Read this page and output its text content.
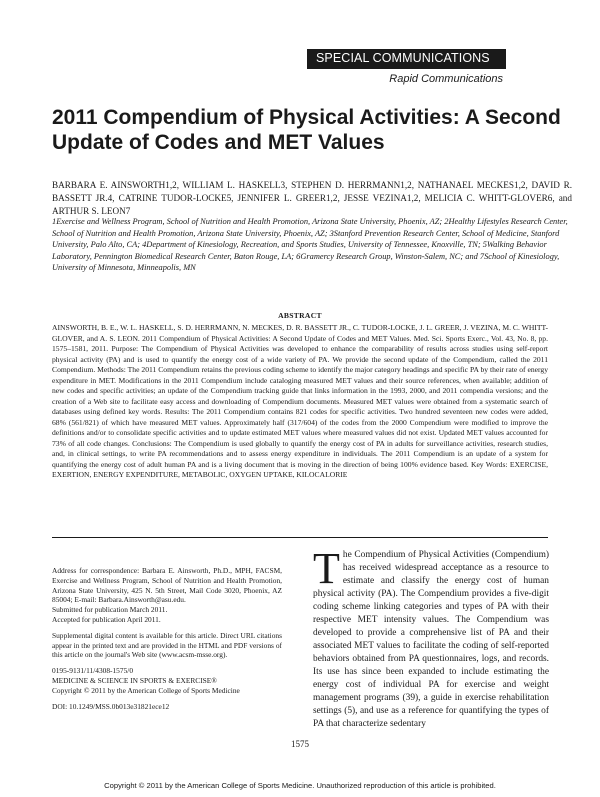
SPECIAL COMMUNICATIONS
Rapid Communications
2011 Compendium of Physical Activities: A Second Update of Codes and MET Values
BARBARA E. AINSWORTH1,2, WILLIAM L. HASKELL3, STEPHEN D. HERRMANN1,2, NATHANAEL MECKES1,2, DAVID R. BASSETT JR.4, CATRINE TUDOR-LOCKE5, JENNIFER L. GREER1,2, JESSE VEZINA1,2, MELICIA C. WHITT-GLOVER6, and ARTHUR S. LEON7
1Exercise and Wellness Program, School of Nutrition and Health Promotion, Arizona State University, Phoenix, AZ; 2Healthy Lifestyles Research Center, School of Nutrition and Health Promotion, Arizona State University, Phoenix, AZ; 3Stanford Prevention Research Center, School of Medicine, Stanford University, Palo Alto, CA; 4Department of Kinesiology, Recreation, and Sports Studies, University of Tennessee, Knoxville, TN; 5Walking Behavior Laboratory, Pennington Biomedical Research Center, Baton Rouge, LA; 6Gramercy Research Group, Winston-Salem, NC; and 7School of Kinesiology, University of Minnesota, Minneapolis, MN
ABSTRACT
AINSWORTH, B. E., W. L. HASKELL, S. D. HERRMANN, N. MECKES, D. R. BASSETT JR., C. TUDOR-LOCKE, J. L. GREER, J. VEZINA, M. C. WHITT-GLOVER, and A. S. LEON. 2011 Compendium of Physical Activities: A Second Update of Codes and MET Values. Med. Sci. Sports Exerc., Vol. 43, No. 8, pp. 1575–1581, 2011. Purpose: The Compendium of Physical Activities was developed to enhance the comparability of results across studies using self-report physical activity (PA) and is used to quantify the energy cost of a wide variety of PA. We provide the second update of the Compendium, called the 2011 Compendium. Methods: The 2011 Compendium retains the previous coding scheme to identify the major category headings and specific PA by their rate of energy expenditure in MET. Modifications in the 2011 Compendium include cataloging measured MET values and their source references, when available; addition of new codes and specific activities; an update of the Compendium tracking guide that links information in the 1993, 2000, and 2011 compendia versions; and the creation of a Web site to facilitate easy access and downloading of Compendium documents. Measured MET values were obtained from a systematic search of databases using defined key words. Results: The 2011 Compendium contains 821 codes for specific activities. Two hundred seventeen new codes were added, 68% (561/821) of which have measured MET values. Approximately half (317/604) of the codes from the 2000 Compendium were modified to improve the definitions and/or to consolidate specific activities and to update estimated MET values where measured values did not exist. Updated MET values accounted for 73% of all code changes. Conclusions: The Compendium is used globally to quantify the energy cost of PA in adults for surveillance activities, research studies, and, in clinical settings, to write PA recommendations and to assess energy expenditure in individuals. The 2011 Compendium is an update of a system for quantifying the energy cost of adult human PA and is a living document that is moving in the direction of being 100% evidence based. Key Words: EXERCISE, EXERTION, ENERGY EXPENDITURE, METABOLIC, OXYGEN UPTAKE, KILOCALORIE
Address for correspondence: Barbara E. Ainsworth, Ph.D., MPH, FACSM, Exercise and Wellness Program, School of Nutrition and Health Promotion, Arizona State University, 425 N. 5th Street, Mail Code 3020, Phoenix, AZ 85004; E-mail: Barbara.Ainsworth@asu.edu.
Submitted for publication March 2011.
Accepted for publication April 2011.
Supplemental digital content is available for this article. Direct URL citations appear in the printed text and are provided in the HTML and PDF versions of this article on the journal's Web site (www.acsm-msse.org).
0195-9131/11/4308-1575/0
MEDICINE & SCIENCE IN SPORTS & EXERCISE®
Copyright © 2011 by the American College of Sports Medicine
DOI: 10.1249/MSS.0b013e31821ece12
The Compendium of Physical Activities (Compendium) has received widespread acceptance as a resource to estimate and classify the energy cost of human physical activity (PA). The Compendium provides a five-digit coding scheme linking categories and types of PA with their respective MET intensity values. The Compendium was developed to provide a comprehensive list of PA and their associated MET values to facilitate the coding of self-reported behaviors obtained from PA questionnaires, logs, and records. Its use has since been expanded to include estimating the energy cost of individual PA for exercise and weight management programs (39), a guide in exercise rehabilitation settings (5), and use as a reference for quantifying the types of PA that characterize sedentary
1575
Copyright © 2011 by the American College of Sports Medicine. Unauthorized reproduction of this article is prohibited.
